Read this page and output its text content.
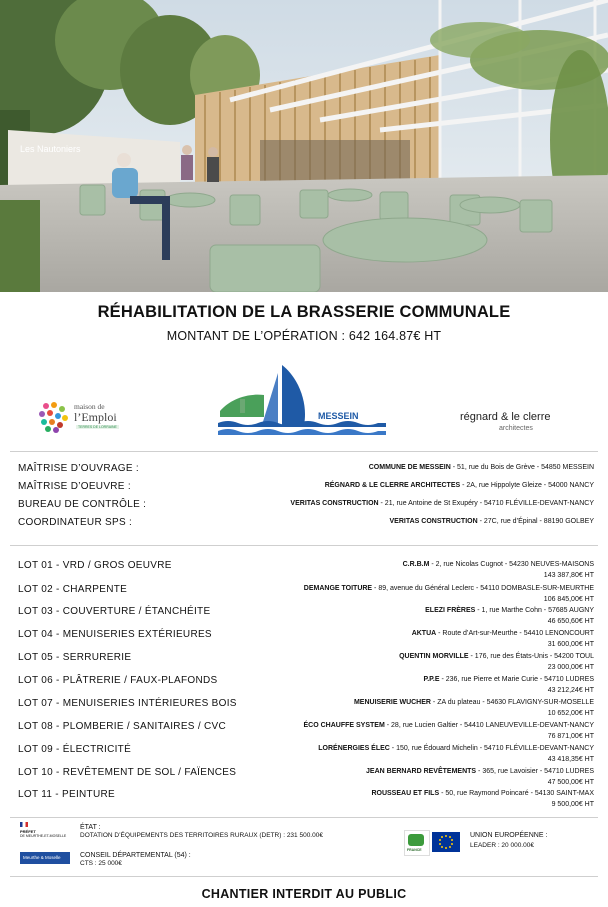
Les Nautoniers
RÉHABILITATION DE LA BRASSERIE COMMUNALE
MONTANT DE L’OPÉRATION : 642 164.87€ HT
maison de
l’Emploi
TERRES DE LORRAINE
MESSEIN	régnard & le clerre
architectes
MAÎTRISE D’OUVRAGE :	COMMUNE DE MESSEIN - 51, rue du Bois de Grève - 54850 MESSEIN
MAÎTRISE D’OEUVRE :	RÉGNARD & LE CLERRE ARCHITECTES - 2A, rue Hippolyte Gleize - 54000 NANCY
BUREAU DE CONTRÔLE :	VERITAS CONSTRUCTION - 21, rue Antoine de St Exupéry - 54710 FLÉVILLE-DEVANT-NANCY
COORDINATEUR SPS :	VERITAS CONSTRUCTION - 27C, rue d’Épinal - 88190 GOLBEY
LOT 01 - VRD / GROS OEUVRE	C.R.B.M - 2, rue Nicolas Cugnot - 54230 NEUVES-MAISONS
143 387,80€ HT
LOT 02 - CHARPENTE	DEMANGE TOITURE - 89, avenue du Général Leclerc - 54110 DOMBASLE-SUR-MEURTHE
106 845,00€ HT
LOT 03 - COUVERTURE / ÉTANCHÉITE	ELEZI FRÈRES - 1, rue Marthe Cohn - 57685 AUGNY
46 650,60€ HT
LOT 04 - MENUISERIES EXTÉRIEURES	AKTUA - Route d’Art-sur-Meurthe - 54410 LENONCOURT
31 600,00€ HT
LOT 05 - SERRURERIE	QUENTIN MORVILLE - 176, rue des États-Unis - 54200 TOUL
23 000,00€ HT
LOT 06 - PLÂTRERIE / FAUX-PLAFONDS	P.P.E - 236, rue Pierre et Marie Curie - 54710 LUDRES
43 212,24€ HT
LOT 07 - MENUISERIES INTÉRIEURES BOIS	MENUISERIE WUCHER - ZA du plateau - 54630 FLAVIGNY-SUR-MOSELLE
10 652,00€ HT
LOT 08 - PLOMBERIE / SANITAIRES / CVC	ÉCO CHAUFFE SYSTEM - 28, rue Lucien Galtier - 54410 LANEUVEVILLE-DEVANT-NANCY
76 871,00€ HT
LOT 09 - ÉLECTRICITÉ	LORÉNERGIES ÉLEC - 150, rue Édouard Michelin - 54710 FLÉVILLE-DEVANT-NANCY
43 418,35€ HT
LOT 10 - REVÊTEMENT DE SOL / FAÏENCES	JEAN BERNARD REVÊTEMENTS - 365, rue Lavoisier - 54710 LUDRES
47 500,00€ HT
LOT 11 - PEINTURE	ROUSSEAU ET FILS - 50, rue Raymond Poincaré - 54130 SAINT-MAX
9 500,00€ HT
PRÉFET
DE MEURTHE-ET-MOSELLE
ÉTAT :
DOTATION D’ÉQUIPEMENTS DES TERRITOIRES RURAUX (DETR) : 231 500.00€
Meurthe & Moselle	CONSEIL DÉPARTEMENTAL (54) :
CTS : 25 000€
FRANCE
UNION EUROPÉENNE :
LEADER : 20 000.00€
CHANTIER INTERDIT AU PUBLIC
